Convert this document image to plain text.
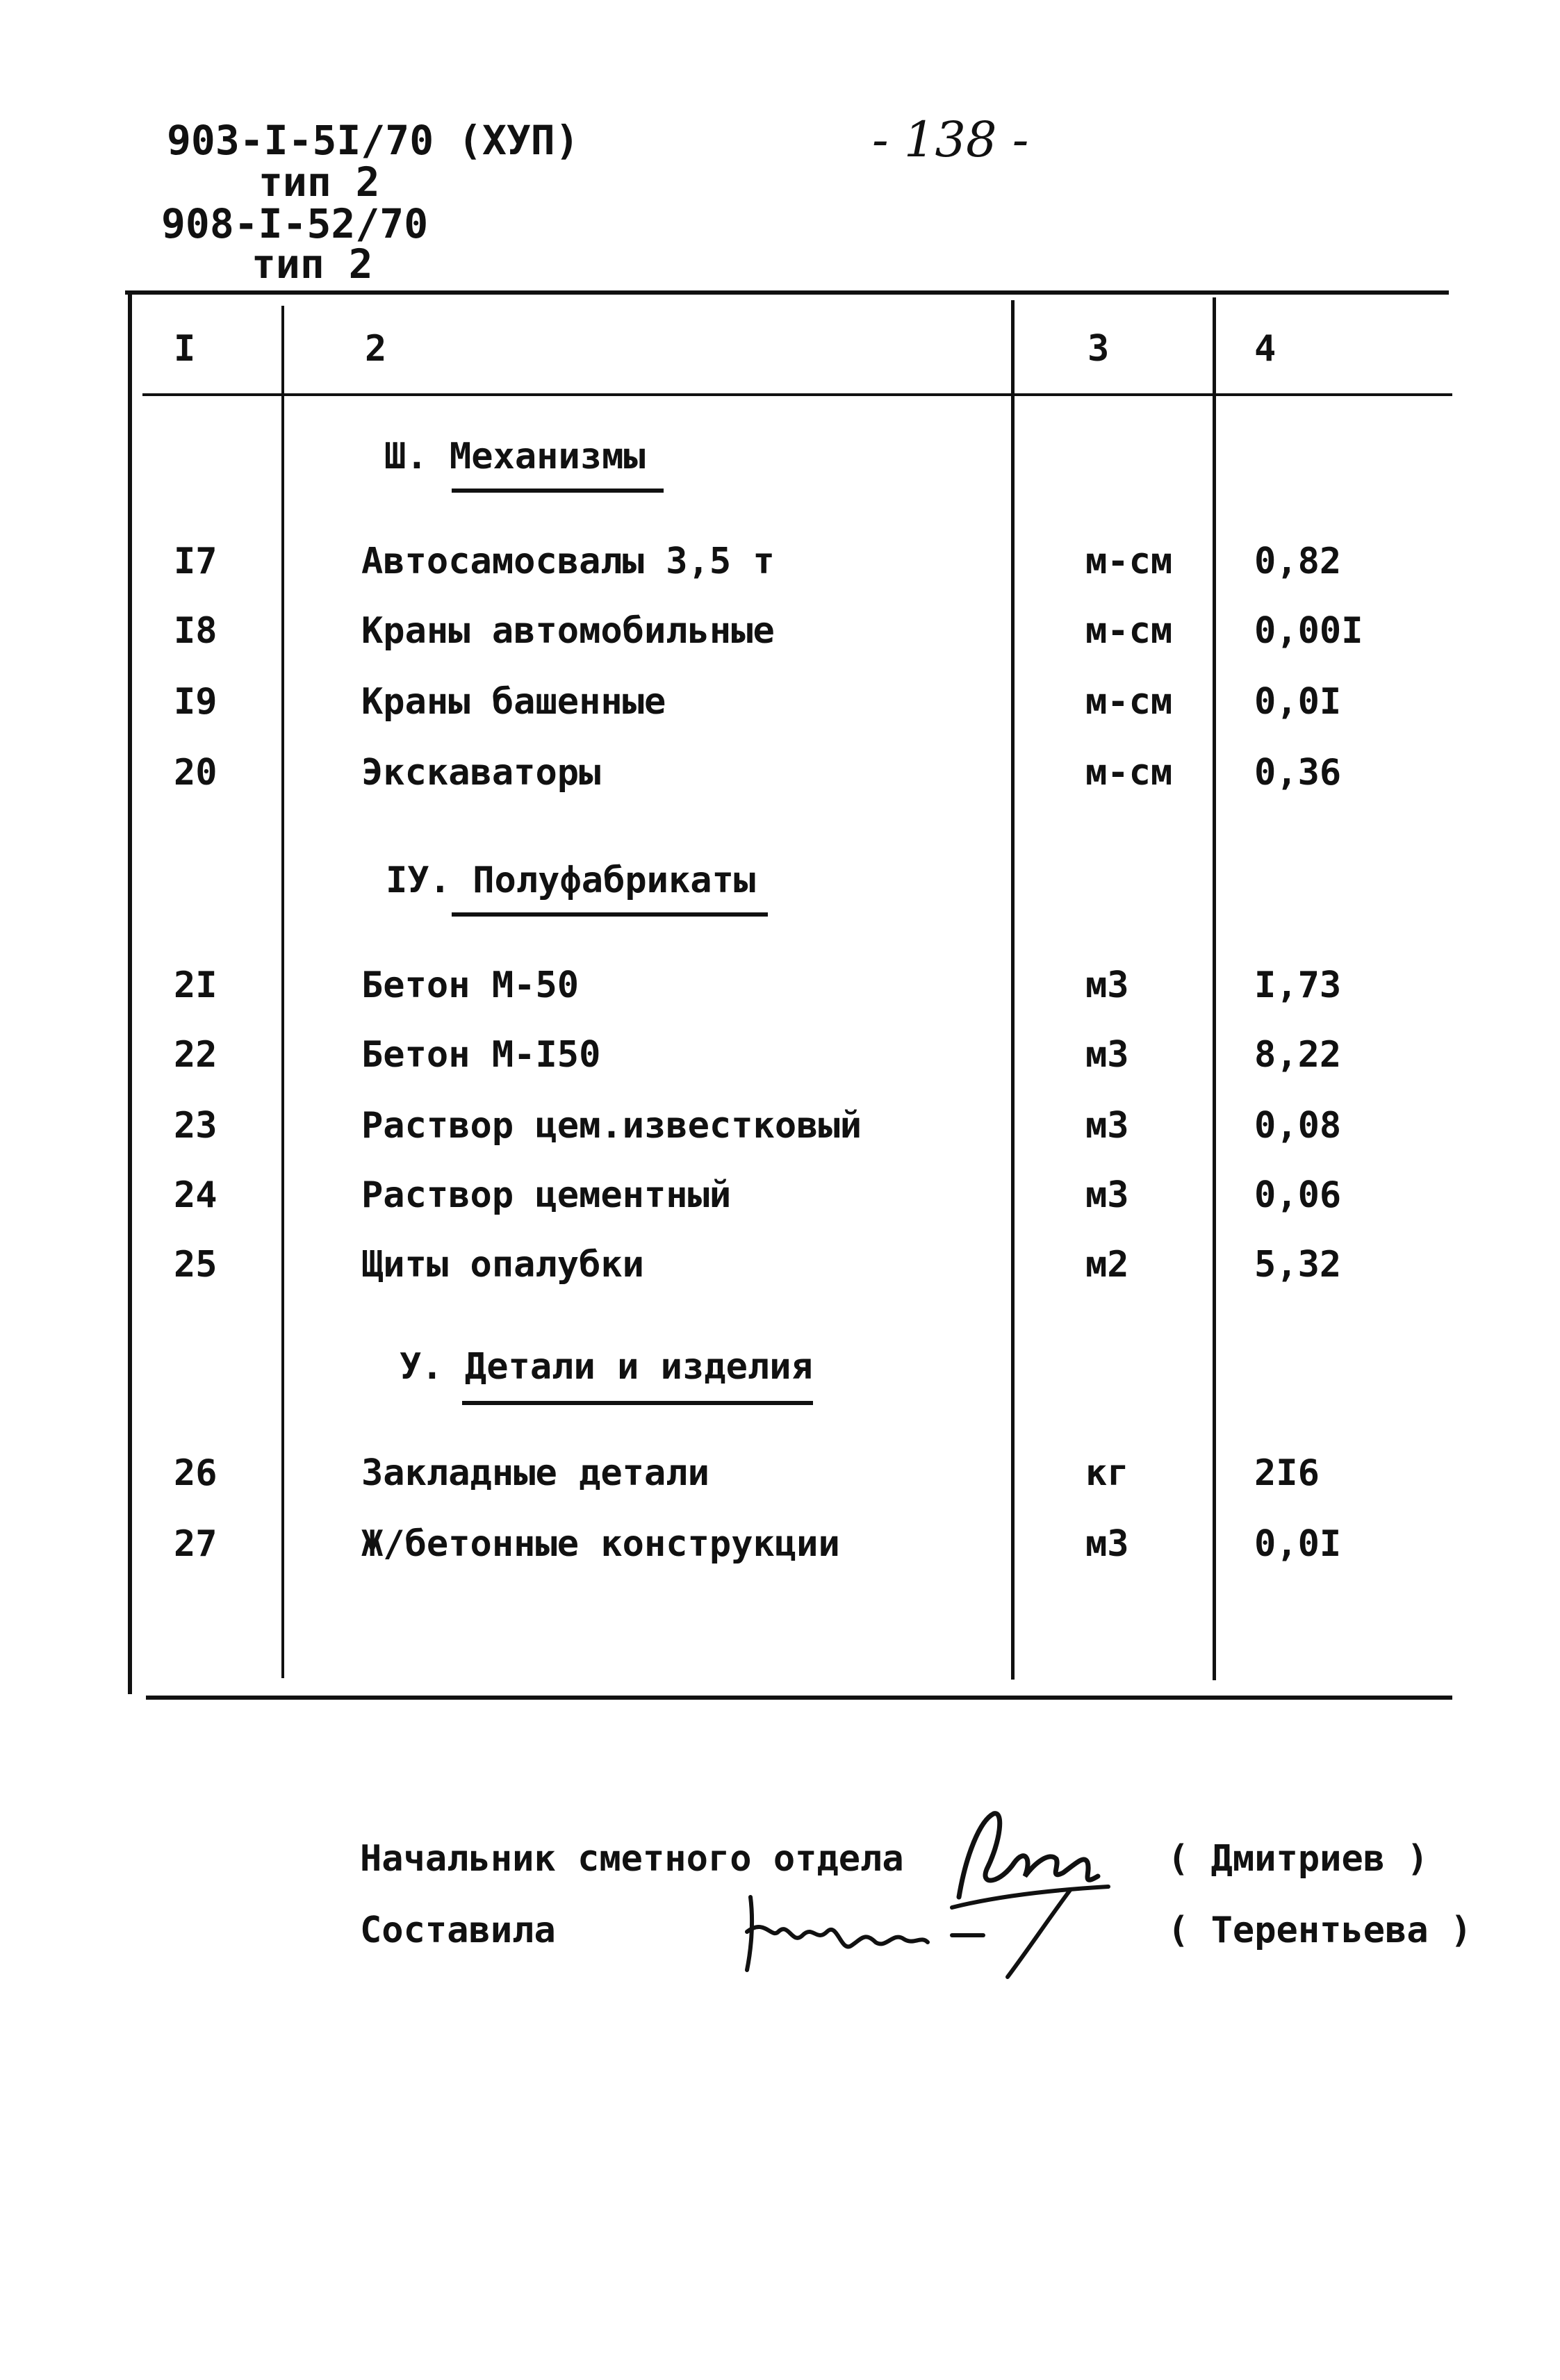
903-I-5I/70 (ХУП)
тип 2
908-I-52/70
тип 2
- 138 -
I	2	3	4
Ш. Механизмы
I7	Автосамосвалы 3,5 т	м-см 0,82
I8	Краны автомобильные	м-см 0,00I
I9	Краны башенные	м-см 0,0I
20	Экскаваторы	м-см 0,36
IУ. Полуфабрикаты
2I	Бетон М-50	м3	I,73
22	Бетон М-I50	м3	8,22
23	Раствор цем.известковый	м3	0,08
24	Раствор цементный	м3	0,06
25	Щиты опалубки	м2	5,32
У. Детали и изделия
26	Закладные детали	кг	2I6
27	Ж/бетонные конструкции	м3	0,0I
Начальник сметного отдела	( Дмитриев )
Составила	( Терентьева )
